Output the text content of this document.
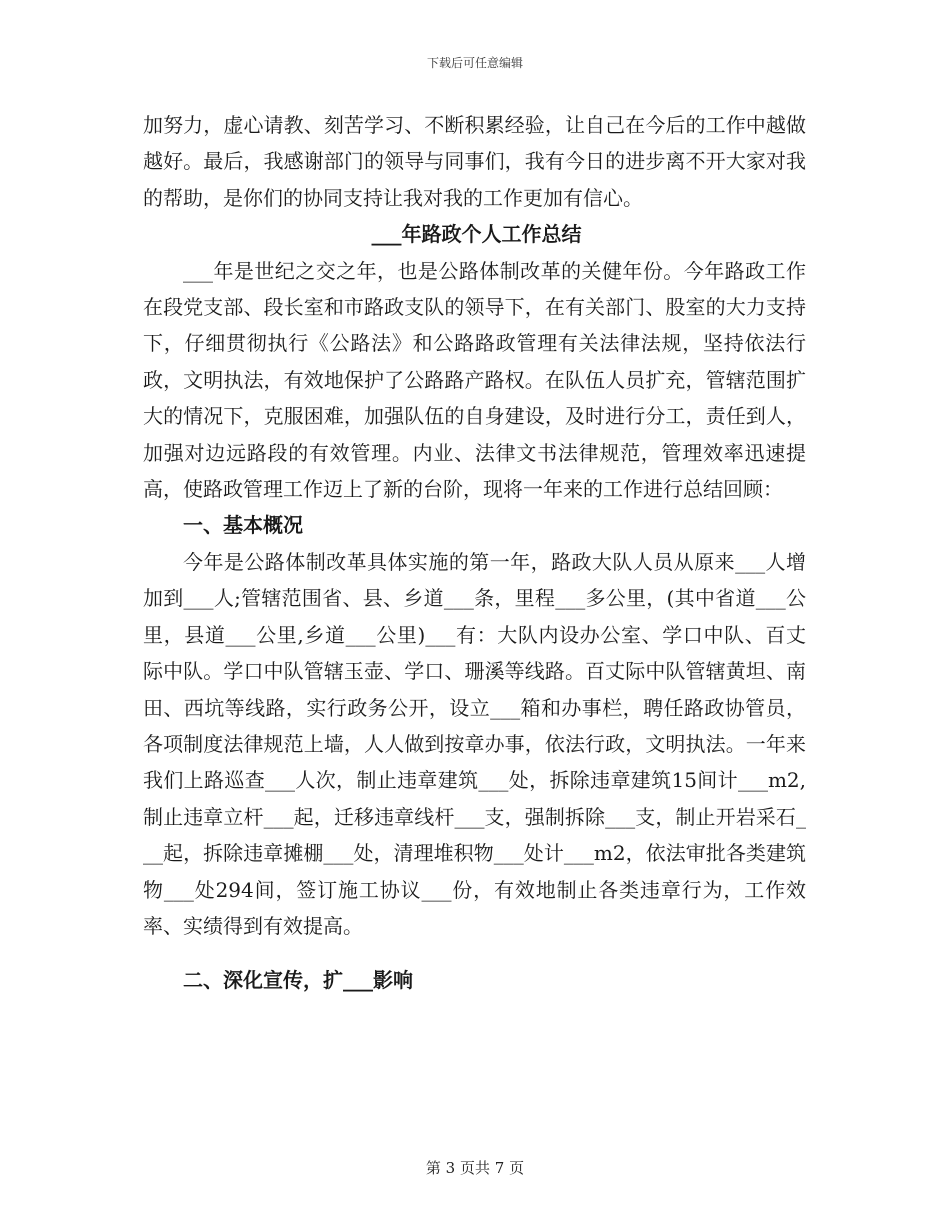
下载后可任意编辑

加努力，虚心请教、刻苦学习、不断积累经验，让自己在今后的工作中越做越好。最后，我感谢部门的领导与同事们，我有今日的进步离不开大家对我的帮助，是你们的协同支持让我对我的工作更加有信心。

___年路政个人工作总结

___年是世纪之交之年，也是公路体制改革的关健年份。今年路政工作在段党支部、段长室和市路政支队的领导下，在有关部门、股室的大力支持下，仔细贯彻执行《公路法》和公路路政管理有关法律法规，坚持依法行政，文明执法，有效地保护了公路路产路权。在队伍人员扩充，管辖范围扩大的情况下，克服困难，加强队伍的自身建设，及时进行分工，责任到人，加强对边远路段的有效管理。内业、法律文书法律规范，管理效率迅速提高，使路政管理工作迈上了新的台阶，现将一年来的工作进行总结回顾：

一、基本概况

今年是公路体制改革具体实施的第一年，路政大队人员从原来___人增加到___人;管辖范围省、县、乡道___条，里程___多公里，(其中省道___公里，县道___公里,乡道___公里)___有：大队内设办公室、学口中队、百丈际中队。学口中队管辖玉壶、学口、珊溪等线路。百丈际中队管辖黄坦、南田、西坑等线路，实行政务公开，设立___箱和办事栏，聘任路政协管员，各项制度法律规范上墙，人人做到按章办事，依法行政，文明执法。一年来我们上路巡查___人次，制止违章建筑___处，拆除违章建筑15间计___m2,制止违章立杆___起，迁移违章线杆___支，强制拆除___支，制止开岩采石___起，拆除违章摊棚___处，清理堆积物___处计___m2，依法审批各类建筑物___处294间，签订施工协议___份，有效地制止各类违章行为，工作效率、实绩得到有效提高。

二、深化宣传，扩___影响

第 3 页共 7 页
